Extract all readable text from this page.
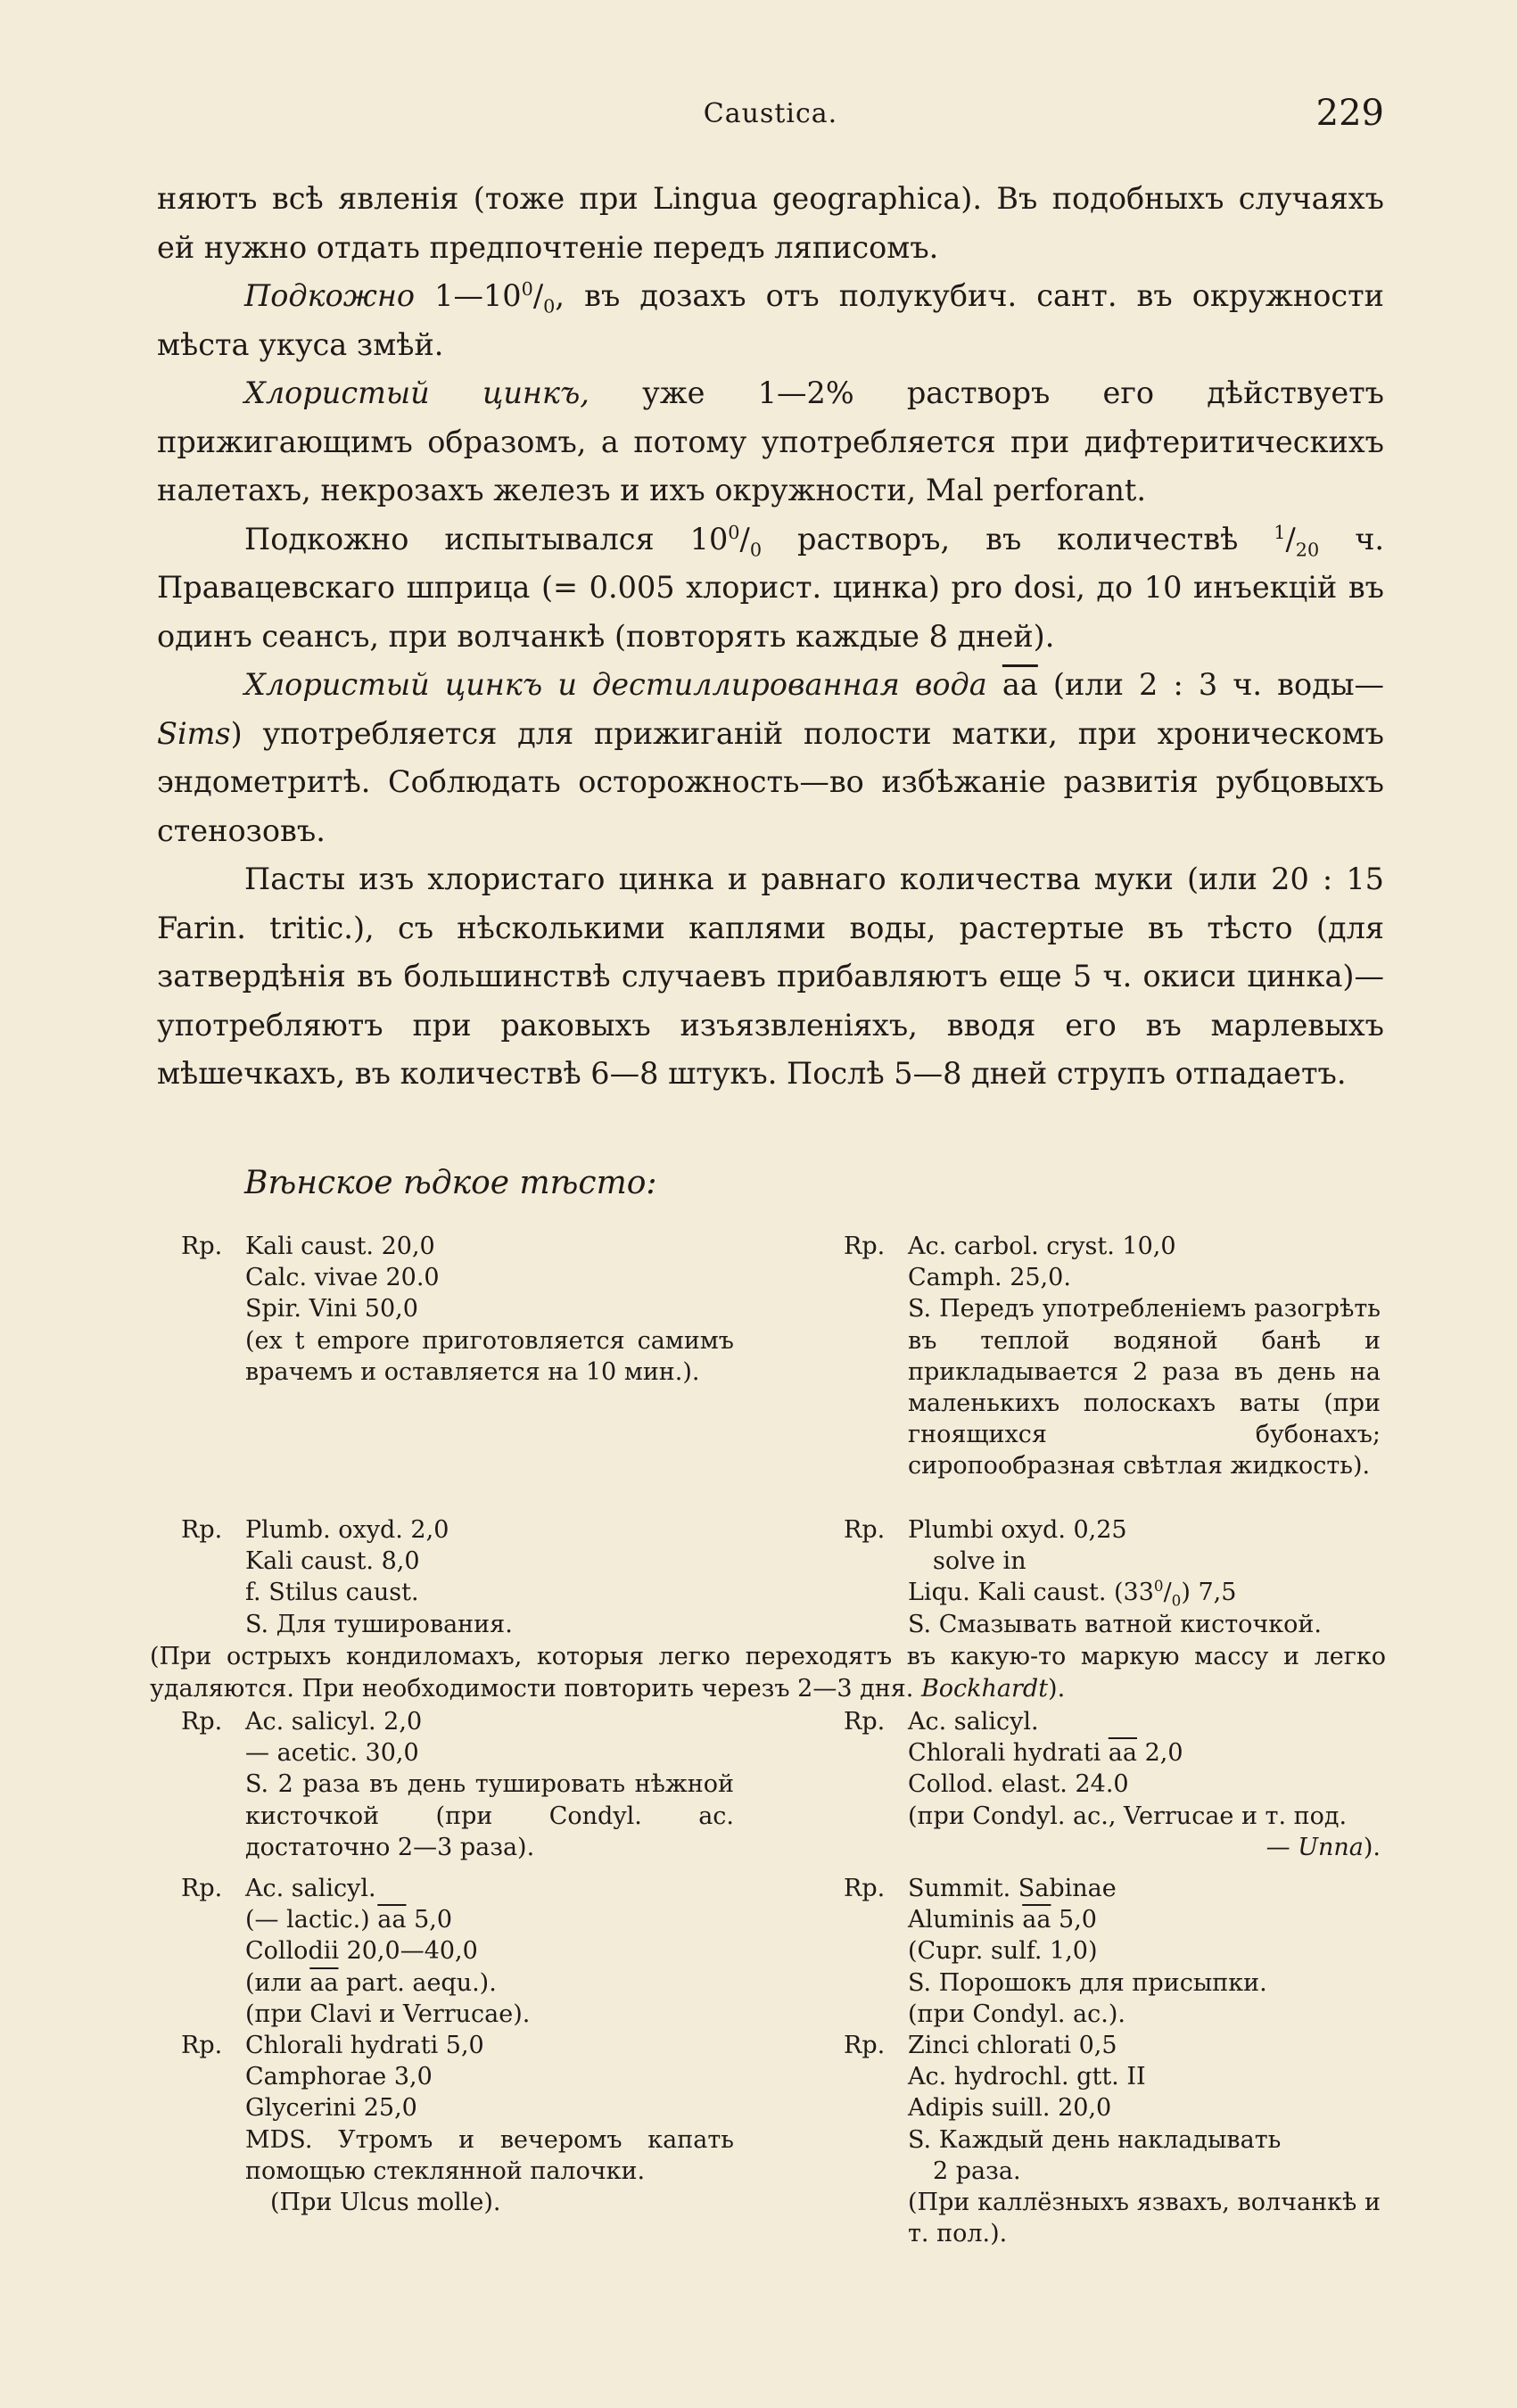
Caustica.	229

няютъ всѣ явленія (тоже при Lingua geographica). Въ подобныхъ случаяхъ ей нужно отдать предпочтеніе передъ ляписомъ.

Подкожно $1—10^0/_0$, въ дозахъ отъ полукубич. сант. въ окружности мѣста укуса змѣй.

Хлористый цинкъ, уже 1—2% растворъ его дѣйствуетъ прижигающимъ образомъ, а потому употребляется при дифтеритическихъ налетахъ, некрозахъ железъ и ихъ окружности, Mal perforant.

Подкожно испытывался $10^0/_0$ растворъ, въ количествѣ $^1/_{20}$ ч. Правацевскаго шприца (= 0.005 хлорист. цинка) pro dosi, до 10 инъекцій въ одинъ сеансъ, при волчанкѣ (повторять каждые 8 дней).

Хлористый цинкъ и дестиллированная вода $\overline{aa}$ (или 2 : 3 ч. воды—Sims) употребляется для прижиганій полости матки, при хроническомъ эндометритѣ. Соблюдать осторожность—во избѣжаніе развитія рубцовыхъ стенозовъ.

Пасты изъ хлористаго цинка и равнаго количества муки (или 20 : 15 Farin. tritic.), съ нѣсколькими каплями воды, растертые въ тѣсто (для затвердѣнія въ большинствѣ случаевъ прибавляютъ еще 5 ч. окиси цинка)—употребляютъ при раковыхъ изъязвленіяхъ, вводя его въ марлевыхъ мѣшечкахъ, въ количествѣ 6—8 штукъ. Послѣ 5—8 дней струпъ отпадаетъ.

Вѣнское ѣдкое тѣсто:
Rp. Kali caust. 20,0
Calc. vivae 20.0
Spir. Vini 50,0
(ex t empore приготовляется самимъ врачемъ и оставляется на 10 мин.).
Rp. Ac. carbol. cryst. 10,0
Camph. 25,0.
S. Передъ употребленіемъ разогрѣть въ теплой водяной банѣ и прикладывается 2 раза въ день на маленькихъ полоскахъ ваты (при гноящихся бубонахъ; сиропообразная свѣтлая жидкость).
Rp. Plumb. oxyd. 2,0
Kali caust. 8,0
f. Stilus caust.
S. Для туширования.
Rp. Plumbi oxyd. 0,25
solve in
Liqu. Kali caust. $(33^0/_0)$ 7,5
S. Смазывать ватной кисточкой.
(При острыхъ кондиломахъ, которыя легко переходятъ въ какую-то маркую массу и легко удаляются. При необходимости повторить черезъ 2—3 дня. Bockhardt).
Rp. Ac. salicyl. 2,0
— acetic. 30,0
S. 2 раза въ день тушировать нѣжной кисточкой (при Condyl. ac. достаточно 2—3 раза).
Rp. Ac. salicyl.
Chlorali hydrati $\overline{aa}$ 2,0
Collod. elast. 24.0
(при Condyl. ac., Verrucae и т. под.
— Unna).
Rp. Ac. salicyl.
(— lactic.) $\overline{aa}$ 5,0
Collodii 20,0—40,0
(или $\overline{aa}$ part. aequ.).
(при Clavi и Verrucae).
Rp. Summit. Sabinae
Aluminis $\overline{aa}$ 5,0
(Cupr. sulf. 1,0)
S. Порошокъ для присыпки.
(при Condyl. ac.).
Rp. Chlorali hydrati 5,0
Camphorae 3,0
Glycerini 25,0
MDS. Утромъ и вечеромъ капать помощью стеклянной палочки.
(При Ulcus molle).
Rp. Zinci chlorati 0,5
Ac. hydrochl. gtt. II
Adipis suill. 20,0
S. Каждый день накладывать
2 раза.
(При каллёзныхъ язвахъ, волчанкѣ и т. пол.).
